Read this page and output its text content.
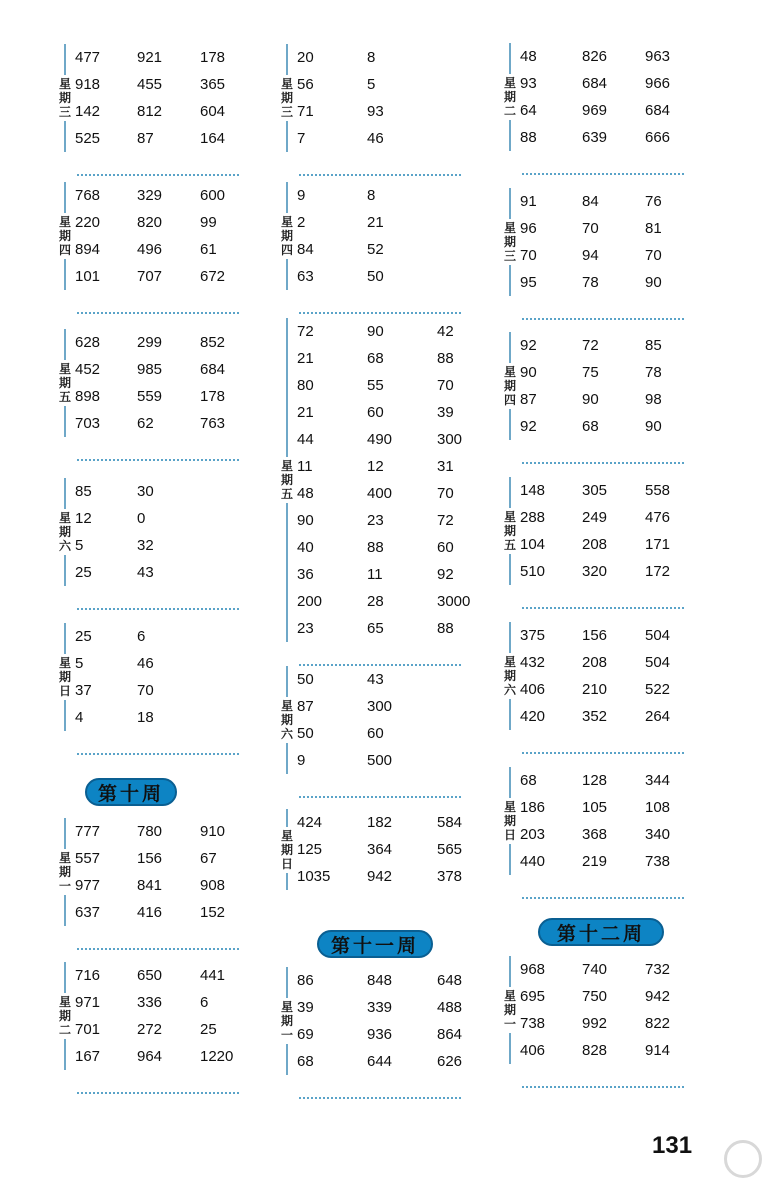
星
期
三
477 921	178
918 455	365
142 812	604
525 87	164
星
期
四
768 329	600
220 820	99
894 496	61
101 707	672
星
期
五
628 299	852
452 985	684
898 559	178
703 62	763
星
期
六
85	30
12	0
5	32
25	43
星
期
日
25	6
5	46
37	70
4	18
第十周
星
期
一
777 780	910
557 156	67
977 841	908
637 416	152
星
期
二
716 650	441
971 336	6
701 272	25
167 964	1220
星
期
三
20	8
56	5
71	93
7	46
星
期
四
9	8
2	21
84	52
63	50
星
期
五
72	90	42
21	68	88
80	55	70
21	60	39
44	490	300
11	12	31
48	400	70
90	23	72
40	88	60
36	11	92
200	28	3000
23	65	88
星
期
六
50	43
87	300
50	60
9	500
星
期
日
424	182	584
125	364	565
1035 942	378
第十一周
星
期
一
86	848	648
39	339	488
69	936	864
68	644	626
星
期
二
48	826	963
93	684	966
64	969	684
88	639	666
星
期
三
91	84	76
96	70	81
70	94	70
95	78	90
星
期
四
92	72	85
90	75	78
87	90	98
92	68	90
星
期
五
148 305	558
288 249	476
104 208	171
510 320	172
星
期
六
375 156	504
432 208	504
406 210	522
420 352	264
星
期
日
68	128	344
186 105	108
203 368	340
440 219	738
第十二周
星
期
一
968 740	732
695 750	942
738 992	822
406 828	914
131
